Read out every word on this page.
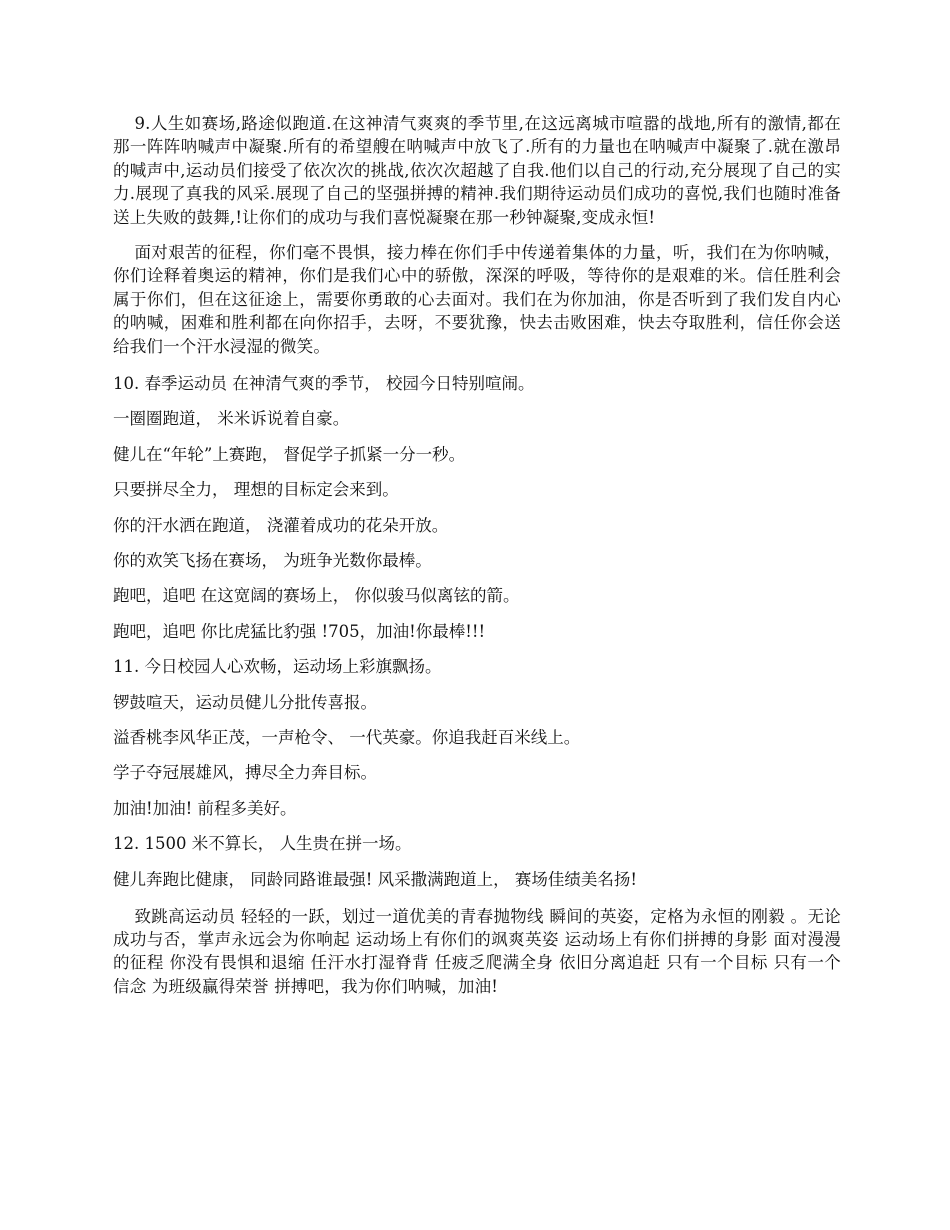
9.人生如赛场,路途似跑道.在这神清气爽爽的季节里,在这远离城市喧嚣的战地,所有的激情,都在那一阵阵呐喊声中凝聚.所有的希望艘在呐喊声中放飞了.所有的力量也在呐喊声中凝聚了.就在激昂的喊声中,运动员们接受了依次次的挑战,依次次超越了自我.他们以自己的行动,充分展现了自己的实力.展现了真我的风采.展现了自己的坚强拼搏的精神.我们期待运动员们成功的喜悦,我们也随时准备送上失败的鼓舞,!让你们的成功与我们喜悦凝聚在那一秒钟凝聚,变成永恒!

面对艰苦的征程，你们毫不畏惧，接力棒在你们手中传递着集体的力量，听，我们在为你呐喊，你们诠释着奥运的精神，你们是我们心中的骄傲，深深的呼吸，等待你的是艰难的米。信任胜利会属于你们，但在这征途上，需要你勇敢的心去面对。我们在为你加油，你是否听到了我们发自内心的呐喊，困难和胜利都在向你招手，去呀，不要犹豫，快去击败困难，快去夺取胜利，信任你会送给我们一个汗水浸湿的微笑。

10. 春季运动员 在神清气爽的季节， 校园今日特别喧闹。

一圈圈跑道， 米米诉说着自豪。

健儿在“年轮”上赛跑， 督促学子抓紧一分一秒。

只要拼尽全力， 理想的目标定会来到。

你的汗水洒在跑道， 浇灌着成功的花朵开放。

你的欢笑飞扬在赛场， 为班争光数你最棒。

跑吧，追吧 在这宽阔的赛场上， 你似骏马似离铉的箭。

跑吧，追吧 你比虎猛比豹强 !705，加油!你最棒!!!

11. 今日校园人心欢畅，运动场上彩旗飘扬。

锣鼓喧天，运动员健儿分批传喜报。

溢香桃李风华正茂，一声枪令、 一代英豪。你追我赶百米线上。

学子夺冠展雄风，搏尽全力奔目标。

加油!加油! 前程多美好。

12. 1500 米不算长， 人生贵在拼一场。

健儿奔跑比健康， 同龄同路谁最强! 风采撒满跑道上， 赛场佳绩美名扬!

致跳高运动员 轻轻的一跃，划过一道优美的青春抛物线 瞬间的英姿，定格为永恒的刚毅 。无论成功与否，掌声永远会为你响起 运动场上有你们的飒爽英姿 运动场上有你们拼搏的身影 面对漫漫的征程 你没有畏惧和退缩 任汗水打湿脊背 任疲乏爬满全身 依旧分离追赶 只有一个目标 只有一个信念 为班级赢得荣誉 拼搏吧，我为你们呐喊，加油!
